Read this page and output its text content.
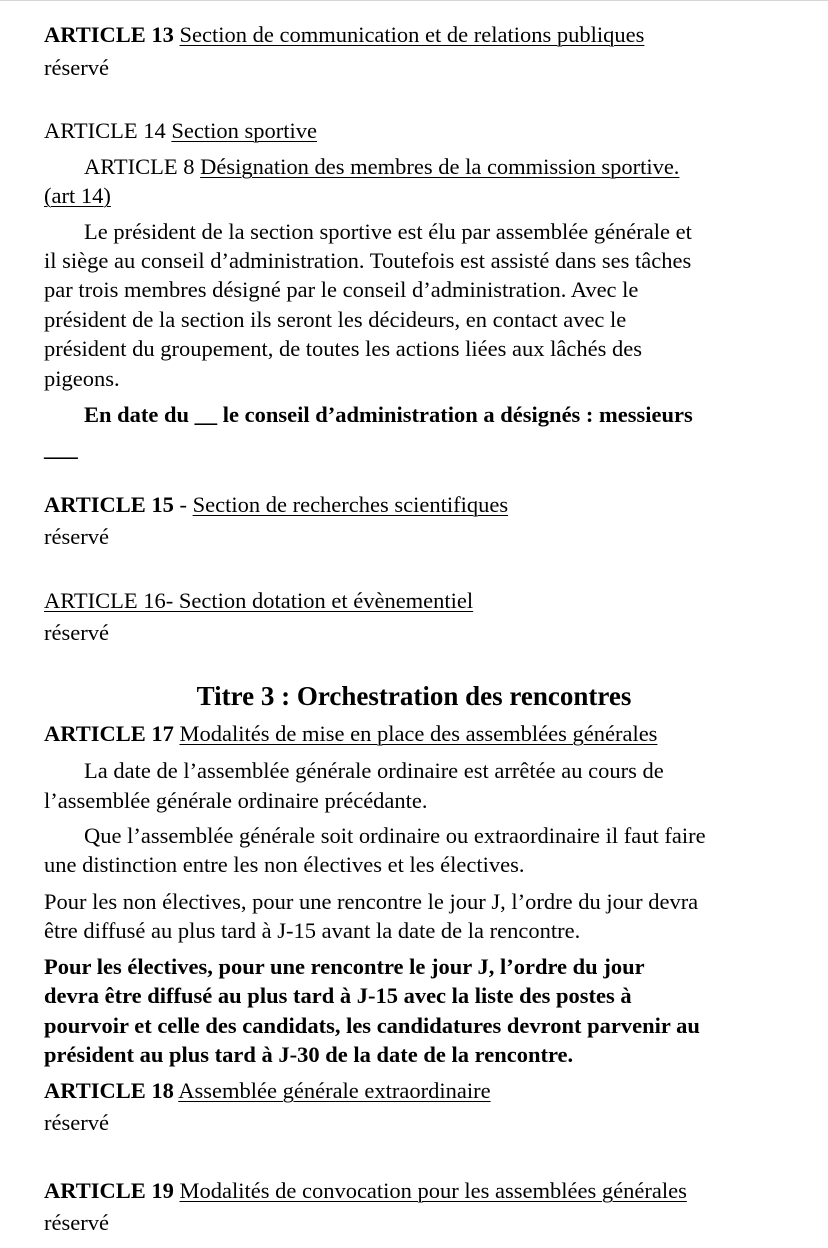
ARTICLE 13 Section de communication et de relations publiques
réservé
ARTICLE 14 Section sportive
ARTICLE 8 Désignation des membres de la commission sportive.
(art 14)
Le président de la section sportive est élu par assemblée générale et
il siège au conseil d’administration. Toutefois est assisté dans ses tâches
par trois membres désigné par le conseil d’administration. Avec le
président de la section ils seront les décideurs, en contact avec le
président du groupement, de toutes les actions liées aux lâchés des
pigeons.
En date du __ le conseil d’administration a désignés : messieurs
___
ARTICLE 15 - Section de recherches scientifiques
réservé
ARTICLE 16- Section dotation et évènementiel
réservé
Titre 3 : Orchestration des rencontres
ARTICLE 17 Modalités de mise en place des assemblées générales
La date de l’assemblée générale ordinaire est arrêtée au cours de
l’assemblée générale ordinaire précédante.
Que l’assemblée générale soit ordinaire ou extraordinaire il faut faire
une distinction entre les non électives et les électives.
Pour les non électives, pour une rencontre le jour J, l’ordre du jour devra
être diffusé au plus tard à J-15 avant la date de la rencontre.
Pour les électives, pour une rencontre le jour J, l’ordre du jour
devra être diffusé au plus tard à J-15 avec la liste des postes à
pourvoir et celle des candidats, les candidatures devront parvenir au
président au plus tard à J-30 de la date de la rencontre.
ARTICLE 18 Assemblée générale extraordinaire
réservé
ARTICLE 19 Modalités de convocation pour les assemblées générales
réservé
